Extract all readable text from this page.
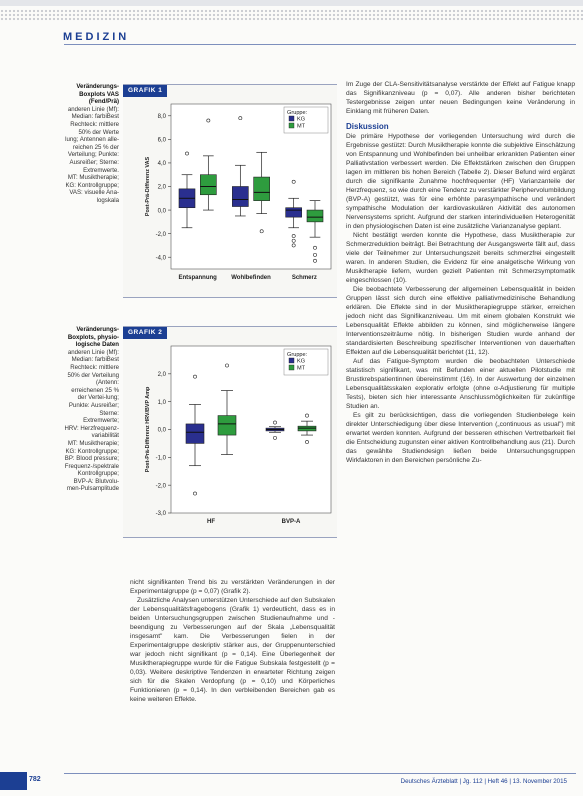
MEDIZIN
Veränderungs-
Boxplots VAS
(Fend/Prä)
anderen Linie (Mf):
Median: farbiBest
Rechteck: mittlere
50% der Werte
lung; Antennen alle-
reichen 25 % der
Verteilung; Punkte:
Ausreißer; Sterne:
Extremwerte.
MT: Musiktherapie;
KG: Kontrollgruppe;
VAS: visuelle Ana-
logskala
Veränderungs-
Boxplots, physio-
logische Daten
anderen Linie (Mf):
Median: farbiBest
Rechteck: mittlere
50% der Verteilung
(Antenn:
erreichenen 25 %
der Vertei-lung;
Punkte: Ausreißer;
Sterne: Extremwerte;
HRV: Herzfrequenz-
variabilität
MT: Musiktherapie;
KG: Kontrollgruppe;
BP: Blood pressure;
Frequenz-/spektrale
Kontrollgruppe;
BVP-A: Blutvolu-
men-Pulsamplitude
GRAFIK 1
8,0
6,0
4,0
2,0
0,0
-2,0
-4,0
Post-Prä-Differenz VAS
Entspannung Wohlbefinden	Schmerz
Gruppe:
KG
MT
GRAFIK 2
2,0
1,0
0,0
-1,0
-2,0
-3,0
Post-Prä-Differenz HRV/BVP Amp
HF	BVP-A
Gruppe:
KG
MT

nicht signifikanten Trend bis zu verstärkten Veränderungen in der Experimentalgruppe (p = 0,07) (Grafik 2).

Zusätzliche Analysen unterstützen Unterschiede auf den Subskalen der Lebensqualitätsfragebogens (Grafik 1) verdeutlicht, dass es in beiden Untersuchungsgruppen zwischen Studienaufnahme und -beendigung zu Verbesserungen auf der Skala „Lebensqualität insgesamt" kam. Die Verbesserungen fielen in der Experimentalgruppe deskriptiv stärker aus, der Gruppenunterschied war jedoch nicht signifikant (p = 0,14). Eine Überlegenheit der Musiktherapiegruppe wurde für die Fatigue Subskala festgestellt (p = 0,03). Weitere deskriptive Tendenzen in erwarteter Richtung zeigen sich für die Skalen Verdopfung (p = 0,10) und Körperliches Funktionieren (p = 0,14). In den verbleibenden Bereichen gab es keine weiteren Effekte.

Im Zuge der CLA-Sensitivitätsanalyse verstärkte der Effekt auf Fatigue knapp das Signifikanzniveau (p = 0,07). Alle anderen bisher berichteten Testergebnisse zeigen unter neuen Bedingungen keine Veränderung in Einklang mit früheren Daten.

Diskussion

Die primäre Hypothese der vorliegenden Untersuchung wird durch die Ergebnisse gestützt: Durch Musiktherapie konnte die subjektive Einschätzung von Entspannung und Wohlbefinden bei unheilbar erkrankten Patienten einer Palliativstation verbessert werden. Die Effektstärken zwischen den Gruppen lagen im mittleren bis hohen Bereich (Tabelle 2). Dieser Befund wird ergänzt durch die signifikante Zunahme hochfrequenter (HF) Varianzanteile der Herzfrequenz, so wie durch eine Tendenz zu verstärkter Periphervolumbildung (BVP-A) gestützt, was für eine erhöhte parasympathische und verändert sympathische Modulation der kardiovaskulären Aktivität des autonomen Nervensystems spricht. Aufgrund der starken interindividuellen Heterogenität in den physiologischen Daten ist eine zusätzliche Varianzanalyse geplant.

Nicht bestätigt werden konnte die Hypothese, dass Musiktherapie zur Schmerzreduktion beiträgt. Bei Betrachtung der Ausgangswerte fällt auf, dass viele der Teilnehmer zur Untersuchungszeit bereits schmerzfrei eingestellt waren. In anderen Studien, die Evidenz für eine analgetische Wirkung von Musiktherapie liefern, wurden gezielt Patienten mit Schmerzsymptomatik eingeschlossen (10).

Die beobachtete Verbesserung der allgemeinen Lebensqualität in beiden Gruppen lässt sich durch eine effektive palliativmedizinische Behandlung erklären. Die Effekte sind in der Musiktherapiegruppe stärker, erreichen jedoch nicht das Signifikanzniveau. Um mit einem globalen Konstrukt wie Lebensqualität Effekte abbilden zu können, sind möglicherweise längere Interventionszeiträume nötig. In bisherigen Studien wurde anhand der standardisierten Beschreibung spezifischer Interventionen von dauerhaften Effekten auf die Lebensqualität berichtet (11, 12).

Auf das Fatigue-Symptom wurden die beobachteten Unterschiede statistisch signifikant, was mit Befunden einer aktuellen Pilotstudie mit Brustkrebspatientinnen übereinstimmt (16). In der Auswertung der einzelnen Lebensqualitätsskalen explorativ erfolgte (ohne α-Adjustierung für multiple Tests), bieten sich hier interessante Anschlussmöglichkeiten für zukünftige Studien an.

Es gilt zu berücksichtigen, dass die vorliegenden Studienbelege kein direkter Unterschiedigung über diese Intervention („continuous as usual") mit erwartet werden konnten. Aufgrund der besseren ethischen Vertretbarkeit fiel die Entscheidung zugunsten einer aktiven Kontrollbehandlung aus (21). Durch das gewählte Studiendesign ließen beide Untersuchungsgruppen Wirkfaktoren in den Bereichen persönliche Zu-

782	Deutsches Ärzteblatt | Jg. 112 | Heft 46 | 13. November 2015
